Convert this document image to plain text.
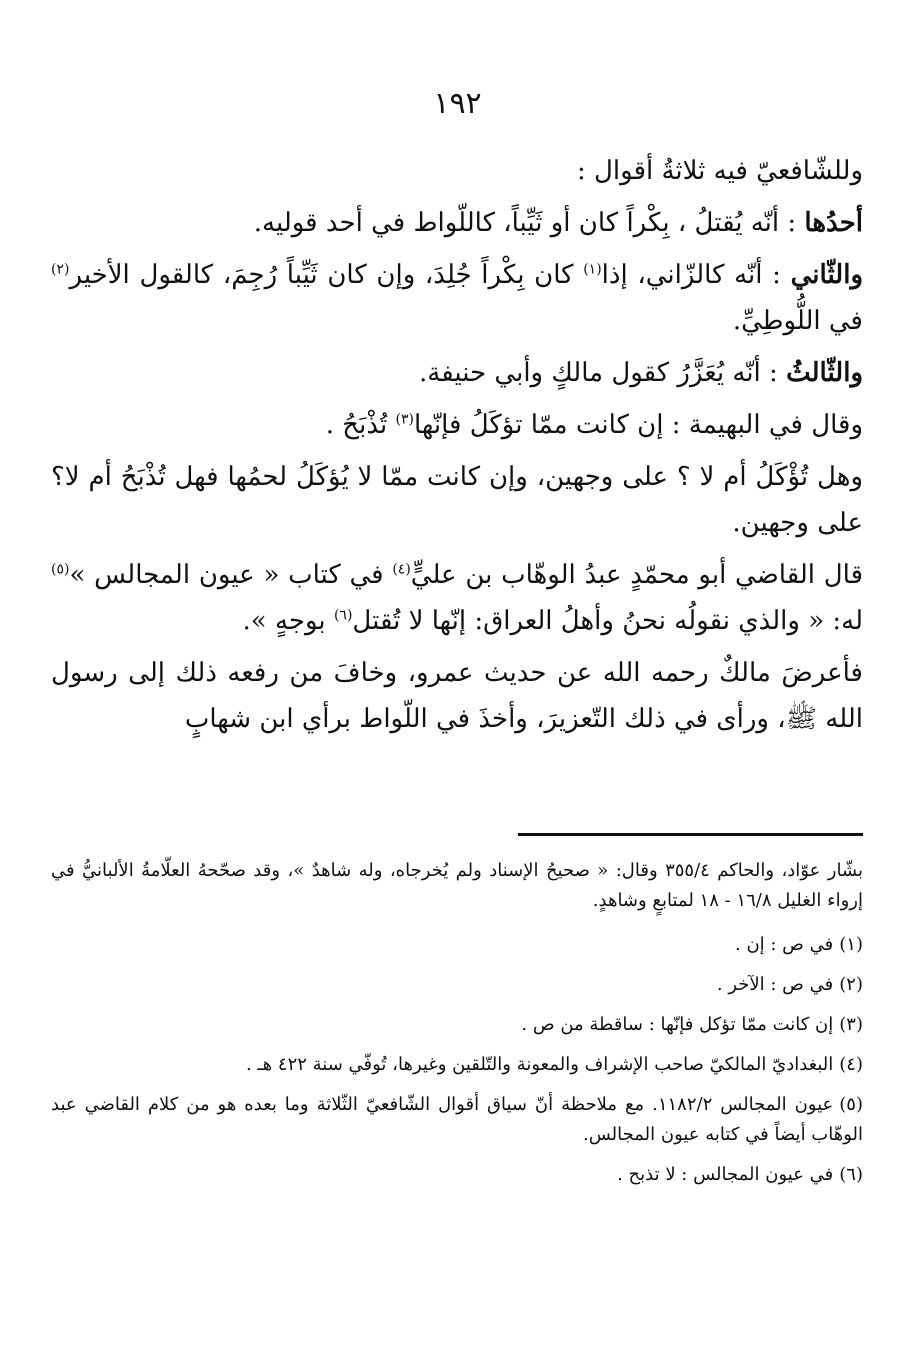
١٩٢

وللشّافعيّ فيه ثلاثةُ أقوال :

أحدُها : أنّه يُقتلُ ، بِكْراً كان أو ثَيِّباً، كاللّواط في أحد قوليه.

والثّاني : أنّه كالزّاني، إذا$^{(١)}$ كان بِكْراً جُلِدَ، وإن كان ثَيِّباً رُجِمَ، كالقول الأخير$^{(٢)}$ في اللُّوطِيِّ.

والثّالثُ : أنّه يُعَزَّرُ كقول مالكٍ وأبي حنيفة.

وقال في البهيمة : إن كانت ممّا تؤكَلُ فإنّها$^{(٣)}$ تُذْبَحُ .

وهل تُؤْكَلُ أم لا ؟ على وجهين، وإن كانت ممّا لا يُؤكَلُ لحمُها فهل تُذْبَحُ أم لا؟ على وجهين.

قال القاضي أبو محمّدٍ عبدُ الوهّاب بن عليٍّ$^{(٤)}$ في كتاب « عيون المجالس »$^{(٥)}$ له: « والذي نقولُه نحنُ وأهلُ العراق: إنّها لا تُقتل$^{(٦)}$ بوجهٍ ».

فأعرضَ مالكٌ رحمه الله عن حديث عمرو، وخافَ من رفعه ذلك إلى رسول الله ﷺ، ورأى في ذلك التّعزيرَ، وأخذَ في اللّواط برأي ابن شهابٍ

بشّار عوّاد، والحاكم ٣٥٥/٤ وقال: « صحيحُ الإسناد ولم يُخرجاه، وله شاهدٌ »، وقد صحّحهُ العلّامةُ الألبانيُّ في إرواء الغليل ١٦/٨ - ١٨ لمتابعٍ وشاهدٍ.

(١)في ص : إن .

(٢)في ص : الآخر .

(٣)إن كانت ممّا تؤكل فإنّها : ساقطة من ص .

(٤)البغداديّ المالكيّ صاحب الإشراف والمعونة والتّلقين وغيرها، تُوفّي سنة ٤٢٢ هـ .

(٥)عيون المجالس ١١٨٢/٢. مع ملاحظة أنّ سياق أقوال الشّافعيّ الثّلاثة وما بعده هو من كلام القاضي عبد الوهّاب أيضاً في كتابه عيون المجالس.

(٦)في عيون المجالس : لا تذبح .
